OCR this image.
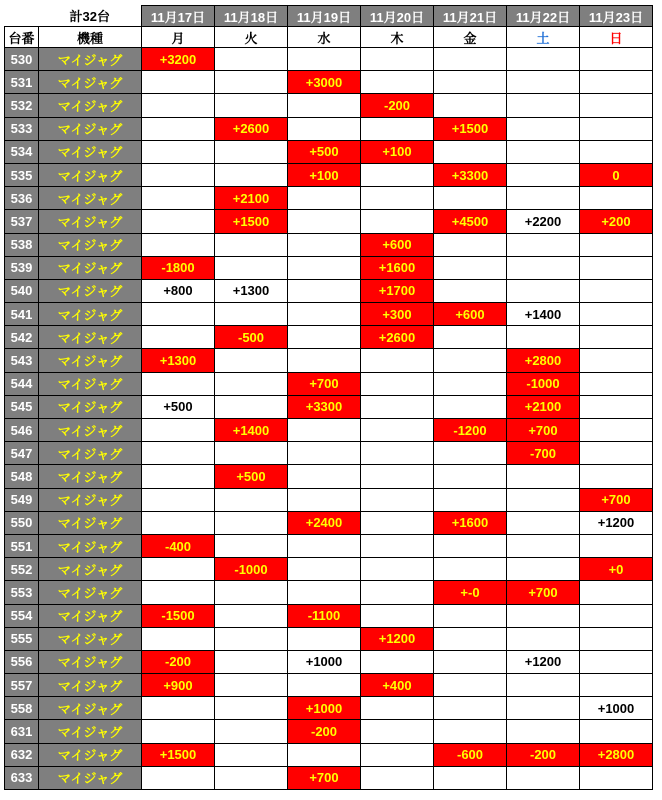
	計32台	11月17日	11月18日	11月19日	11月20日	11月21日	11月22日	11月23日
台番	機種	月	火	水	木	金	土	日
530	マイジャグ	+3200						
531	マイジャグ			+3000				
532	マイジャグ				-200			
533	マイジャグ		+2600			+1500		
534	マイジャグ			+500	+100			
535	マイジャグ			+100		+3300		0
536	マイジャグ		+2100					
537	マイジャグ		+1500			+4500	+2200	+200
538	マイジャグ				+600			
539	マイジャグ	-1800			+1600			
540	マイジャグ	+800	+1300		+1700			
541	マイジャグ				+300	+600	+1400	
542	マイジャグ		-500		+2600			
543	マイジャグ	+1300					+2800	
544	マイジャグ			+700			-1000	
545	マイジャグ	+500		+3300			+2100	
546	マイジャグ		+1400			-1200	+700	
547	マイジャグ						-700	
548	マイジャグ		+500					
549	マイジャグ							+700
550	マイジャグ			+2400		+1600		+1200
551	マイジャグ	-400						
552	マイジャグ		-1000					+0
553	マイジャグ					+-0	+700	
554	マイジャグ	-1500		-1100				
555	マイジャグ				+1200			
556	マイジャグ	-200		+1000			+1200	
557	マイジャグ	+900			+400			
558	マイジャグ			+1000				+1000
631	マイジャグ			-200				
632	マイジャグ	+1500				-600	-200	+2800
633	マイジャグ			+700				
